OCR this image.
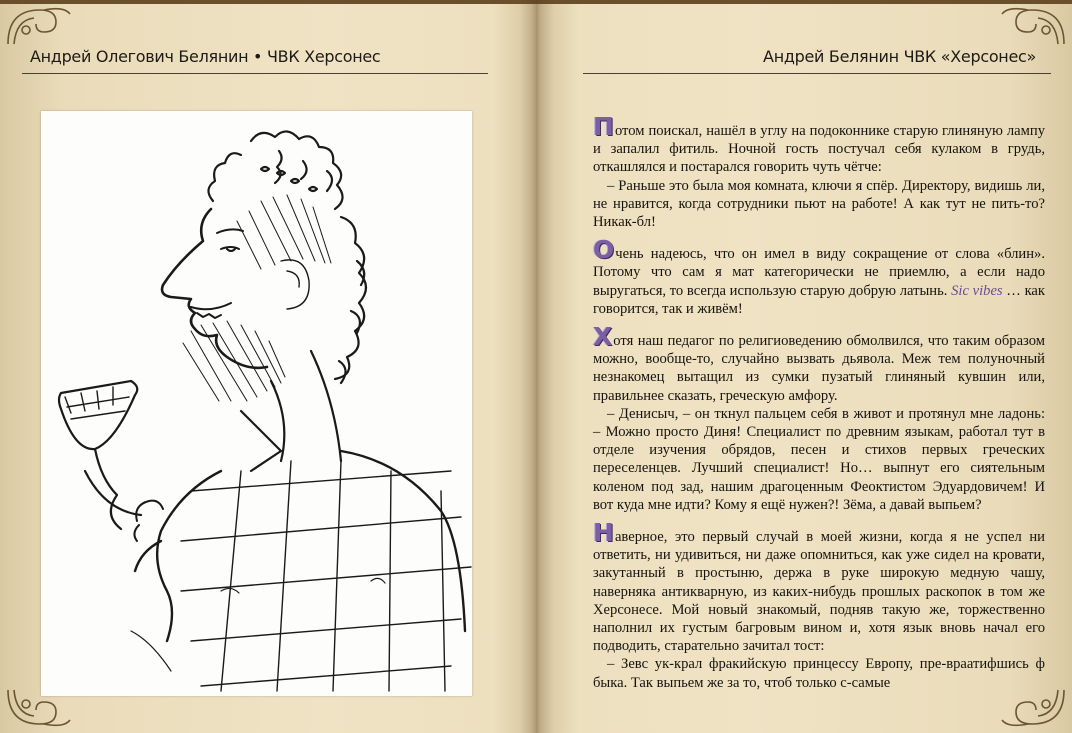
Андрей Олегович Белянин • ЧВК Херсонес	Андрей Белянин ЧВК «Херсонес»

Потом поискал, нашёл в углу на подоконнике старую глиняную лампу и запалил фитиль. Ночной гость постучал себя кулаком в грудь, откашлялся и постарался говорить чуть чётче:

– Раньше это была моя комната, ключи я спёр. Директору, видишь ли, не нравится, когда сотрудники пьют на работе! А как тут не пить-то? Никак-бл!

Очень надеюсь, что он имел в виду сокращение от слова «блин». Потому что сам я мат категорически не приемлю, а если надо выругаться, то всегда использую старую добрую латынь. Sic vibes … как говорится, так и живём!

Хотя наш педагог по религиоведению обмолвился, что таким образом можно, вообще-то, случайно вызвать дьявола. Меж тем полуночный незнакомец вытащил из сумки пузатый глиняный кувшин или, правильнее сказать, греческую амфору.

– Денисыч, – он ткнул пальцем себя в живот и протянул мне ладонь: – Можно просто Диня! Специалист по древним языкам, работал тут в отделе изучения обрядов, песен и стихов первых греческих переселенцев. Лучший специалист! Но… выпнут его сиятельным коленом под зад, нашим драгоценным Феоктистом Эдуардовичем! И вот куда мне идти? Кому я ещё нужен?! Зёма, а давай выпьем?

Наверное, это первый случай в моей жизни, когда я не успел ни ответить, ни удивиться, ни даже опомниться, как уже сидел на кровати, закутанный в простыню, держа в руке широкую медную чашу, наверняка антикварную, из каких-нибудь прошлых раскопок в том же Херсонесе. Мой новый знакомый, подняв такую же, торжественно наполнил их густым багровым вином и, хотя язык вновь начал его подводить, старательно зачитал тост:

– Зевс ук-крал фракийскую принцессу Европу, пре-враатифшись ф быка. Так выпьем же за то, чтоб только с-самые
